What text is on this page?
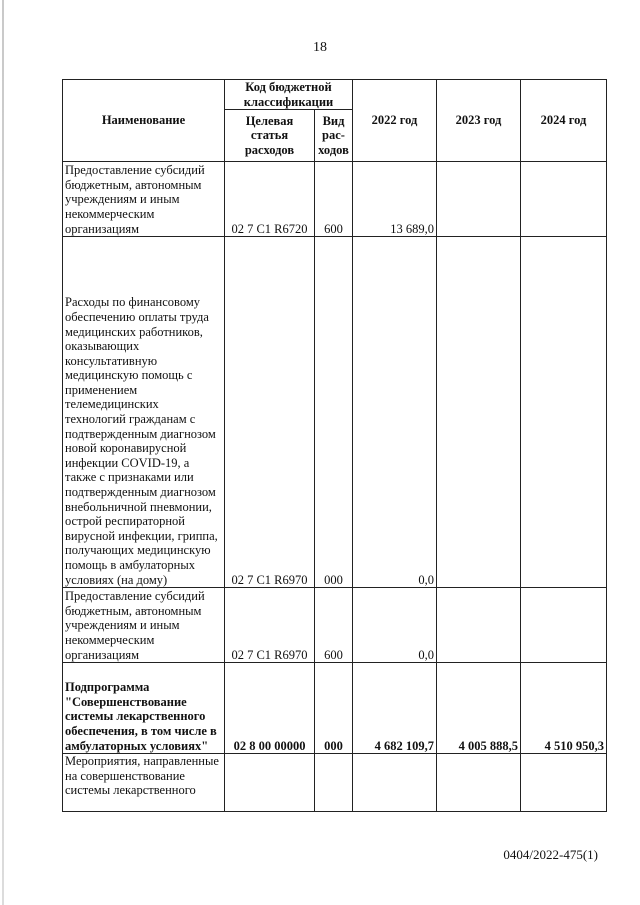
18
Наименование	Код бюджетной классификации		2022 год	2023 год	2024 год
	Целевая статья расходов	Вид рас-ходов			
Предоставление субсидий бюджетным, автономным учреждениям и иным некоммерческим организациям	02 7 С1 R6720	600	13 689,0		
Расходы по финансовому обеспечению оплаты труда медицинских работников, оказывающих консультативную медицинскую помощь с применением телемедицинских технологий гражданам с подтвержденным диагнозом новой коронавирусной инфекции COVID-19, а также с признаками или подтвержденным диагнозом внебольничной пневмонии, острой респираторной вирусной инфекции, гриппа, получающих медицинскую помощь в амбулаторных условиях (на дому)	02 7 С1 R6970	000	0,0		
Предоставление субсидий бюджетным, автономным учреждениям и иным некоммерческим организациям	02 7 С1 R6970	600	0,0		
Подпрограмма "Совершенствование системы лекарственного обеспечения, в том числе в амбулаторных условиях"	02 8 00 00000	000	4 682 109,7	4 005 888,5	4 510 950,3
Мероприятия, направленные на совершенствование системы лекарственного					
0404/2022-475(1)
